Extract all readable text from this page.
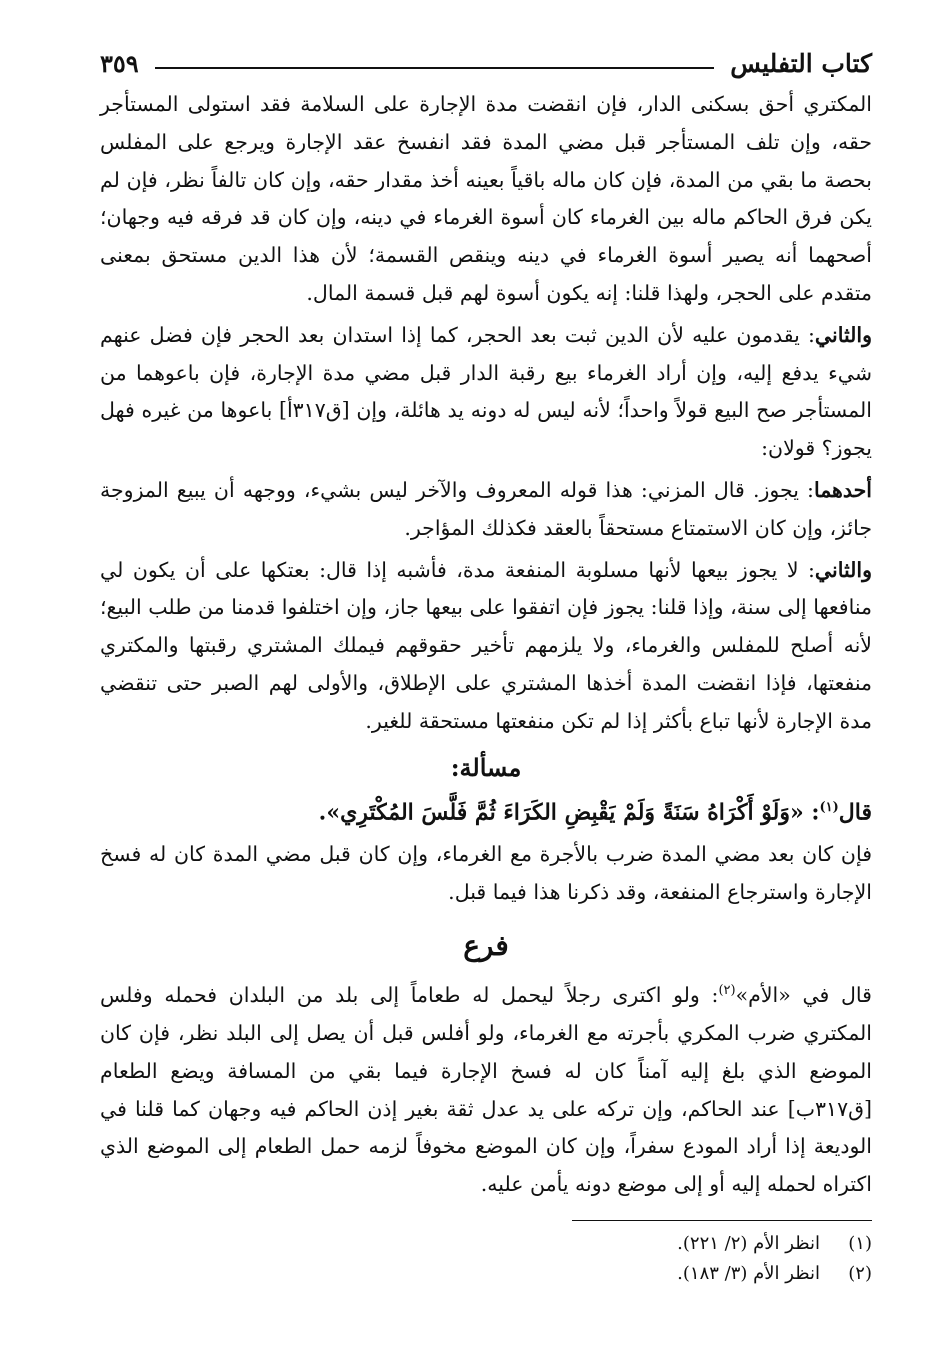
كتاب التفليس
٣٥٩

المكتري أحق بسكنى الدار، فإن انقضت مدة الإجارة على السلامة فقد استولى المستأجر حقه، وإن تلف المستأجر قبل مضي المدة فقد انفسخ عقد الإجارة ويرجع على المفلس بحصة ما بقي من المدة، فإن كان ماله باقياً بعينه أخذ مقدار حقه، وإن كان تالفاً نظر، فإن لم يكن فرق الحاكم ماله بين الغرماء كان أسوة الغرماء في دينه، وإن كان قد فرقه فيه وجهان؛ أصحهما أنه يصير أسوة الغرماء في دينه وينقص القسمة؛ لأن هذا الدين مستحق بمعنى متقدم على الحجر، ولهذا قلنا: إنه يكون أسوة لهم قبل قسمة المال.

والثاني: يقدمون عليه لأن الدين ثبت بعد الحجر، كما إذا استدان بعد الحجر فإن فضل عنهم شيء يدفع إليه، وإن أراد الغرماء بيع رقبة الدار قبل مضي مدة الإجارة، فإن باعوهما من المستأجر صح البيع قولاً واحداً؛ لأنه ليس له دونه يد هائلة، وإن [ق٣١٧أ] باعوها من غيره فهل يجوز؟ قولان:

أحدهما: يجوز. قال المزني: هذا قوله المعروف والآخر ليس بشيء، ووجهه أن يبيع المزوجة جائز، وإن كان الاستمتاع مستحقاً بالعقد فكذلك المؤاجر.

والثاني: لا يجوز بيعها لأنها مسلوبة المنفعة مدة، فأشبه إذا قال: بعتكها على أن يكون لي منافعها إلى سنة، وإذا قلنا: يجوز فإن اتفقوا على بيعها جاز، وإن اختلفوا قدمنا من طلب البيع؛ لأنه أصلح للمفلس والغرماء، ولا يلزمهم تأخير حقوقهم فيملك المشتري رقبتها والمكتري منفعتها، فإذا انقضت المدة أخذها المشتري على الإطلاق، والأولى لهم الصبر حتى تنقضي مدة الإجارة لأنها تباع بأكثر إذا لم تكن منفعتها مستحقة للغير.

مسألة:

قال$^{(١)}$: «وَلَوْ أَكْرَاهُ سَنَةً وَلَمْ يَقْبِضِ الكَرَاءَ ثُمَّ فَلَّسَ المُكْتَرِي».

فإن كان بعد مضي المدة ضرب بالأجرة مع الغرماء، وإن كان قبل مضي المدة كان له فسخ الإجارة واسترجاع المنفعة، وقد ذكرنا هذا فيما قبل.

فرع

قال في «الأم»$^{(٢)}$: ولو اكترى رجلاً ليحمل له طعاماً إلى بلد من البلدان فحمله وفلس المكتري ضرب المكري بأجرته مع الغرماء، ولو أفلس قبل أن يصل إلى البلد نظر، فإن كان الموضع الذي بلغ إليه آمناً كان له فسخ الإجارة فيما بقي من المسافة ويضع الطعام [ق٣١٧ب] عند الحاكم، وإن تركه على يد عدل ثقة بغير إذن الحاكم فيه وجهان كما قلنا في الوديعة إذا أراد المودع سفراً، وإن كان الموضع مخوفاً لزمه حمل الطعام إلى الموضع الذي اكتراه لحمله إليه أو إلى موضع دونه يأمن عليه.

(١)
انظر الأم (٢/ ٢٢١).
(٢)
انظر الأم (٣/ ١٨٣).
